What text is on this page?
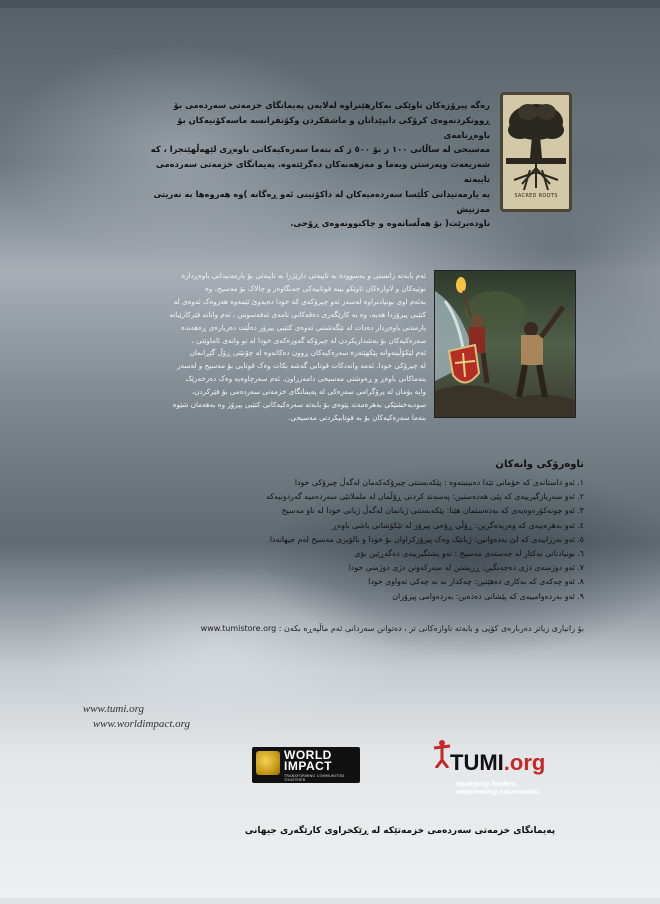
SACRED ROOTS
رەگە پیرۆزەکان ناوێکی بەکارهێنراوە لەلایەن پەیمانگای خزمەتی سەردەمی بۆ
ڕوونکردنەوەی کرۆکی دانپێدانان و ماشقکردن وکۆنفرانسە ماسەکۆنیەکان بۆ باوەڕنامەی
مەسیحی لە ساڵانی ١٠٠ ز بۆ ٥٠٠ ز کە بنەما سەرەکیەکانی باوەڕی لێهەڵهێنجرا ، کە
شەریعەت وپەرستن ویەما و مەزهەبەکان دەگرێتەوە. پەیمانگای خزمەتی سەردەمی تایبەتە
بە یارمەتیدانی کڵێسا سەردەمیەکان لە داکۆتینی ئەو ڕەگانە )وە هەروەها بە نەریتی مەزنیش
ناودەبرێت( بۆ هەڵسانەوە و چاکبوونەوەی ڕۆحی.
ئەم بابەتە زانستی و بەسوودە بە تایبەتی دارێژرا بە تایبەتی بۆ یارمەتیدانی باوەڕدارە
نوێیەکان و لاوازەکان ئاوێکو بینە قوتابیەکی جەنگاوەر و چالاک بۆ مەسیح، وە
بەئەم اوی بونیادنراوە لەسەر ئەو چیرۆکەی کە خودا دەیەوێ ئێمەوە هەروەک ئەوەی لە
کتێبی پیرۆزدا هەیە، وە بە کارێگەری دەقەکانی نامەی ئەفەسوس ، ئەم وانانە فێرکارێیانە
یارمەتی باوەڕدار دەدات لە تێگەشتنی ئەوەی کتێبی پیرۆز دەڵێت دەربارەی ڕەهەندە
سەرەکیەکان بۆ بەشداریکردن لە چیرۆکە گەورەکەی خودا لە نو وانەی ئاماوێتی ،
ئەم لێکۆڵینەوانە پێکهێنەرە سەرەکیەکان ڕوون دەکاتەوە لە چۆنێتی ڕۆڵ گێڕانمان
لە چیرۆکی خودا. ئەمە وانەدکات قوتابی گەشە بکات وەک قوتابی بۆ مەسیح و لەسەر
بنەماکانی باوەڕ و ڕەوشتی مەسیحی دامەزراون. ئەم سەرچاوەیە وەک دەرخەرێک
وایە بۆمان لە پرۆگرامی سەرەکی لە پەیمانگای خزمەتی سەردەمی بۆ فێرکردن،
سودبەخشێکی بەهرەمەند پێوەی بۆ بابەتە سەرەکیەکانی کتێبی پیرۆز وە بەهەمان شێوە
بنەما سەرەکیەکان بۆ بە قوتابیکردنی مەسیحی.
ناوەرۆکی وانەکان
١. ئەو داستانەی کە خۆمانی تێدا دەبینینەوە : پێکەبستنی چیرۆکەکەمان لەگەڵ چیرۆکی خودا
٢. ئەو سەربازگیرییەی کە پێی هەدەستین: پەسەند کردنی ڕۆڵمان لە ململانێی سەردەمیە گەردونیەکە
٣. ئەو چونەکۆرەوەیەی کە بەدەستمان هێنا: پێکەبستنی ژیانمان لەگەڵ ژیانی خودا لە ناو مەسیح
٤. ئەو بەهرەییەی کە وەریدەگرین: ڕۆڵی ڕۆحی پیرۆز لە تێکۆشانی باشی باوەڕ
٥. ئەو بەرزاییەی کە لێ یەدەوانین: ژیانێک وەک پیرۆزکراوان بۆ خودا و بالۆیزی مەسیح لەم جیهانەدا
٦. بونیادنانی بەکتار لە جەستەی مەسیح : ئەو پشتگیرییەی دەگەڕێین بۆی
٧. ئەو دوژمنەی دژی دەجەنگین: ڕزیشتن لە سەرکەوتن دژی دوژمنی خودا
٨. ئەو چەکەی کە بەکاری دەهێنین: چەکدار بە بە چەکی تەواوی خودا
٩. ئەو بەردەوامییەی کە پێشانی دەدەین: بەردەوامی پیرۆزان
بۆ زانیاری زیاتر دەربارەی کۆپی و بابەتە ناوازەکانی تر ، دەتوانن سەردانی ئەم ماڵپەڕە بکەن : www.tumistore.org
www.tumi.org
www.worldimpact.org
WORLD
IMPACT
TRANSFORMING COMMUNITIES TOGETHER
TUMI.org
equipping leaders.
empowering movements.
پەیمانگای خزمەتی سەردەمی خزمەتێکە لە ڕێکخراوی کارێگەری جیهانی
